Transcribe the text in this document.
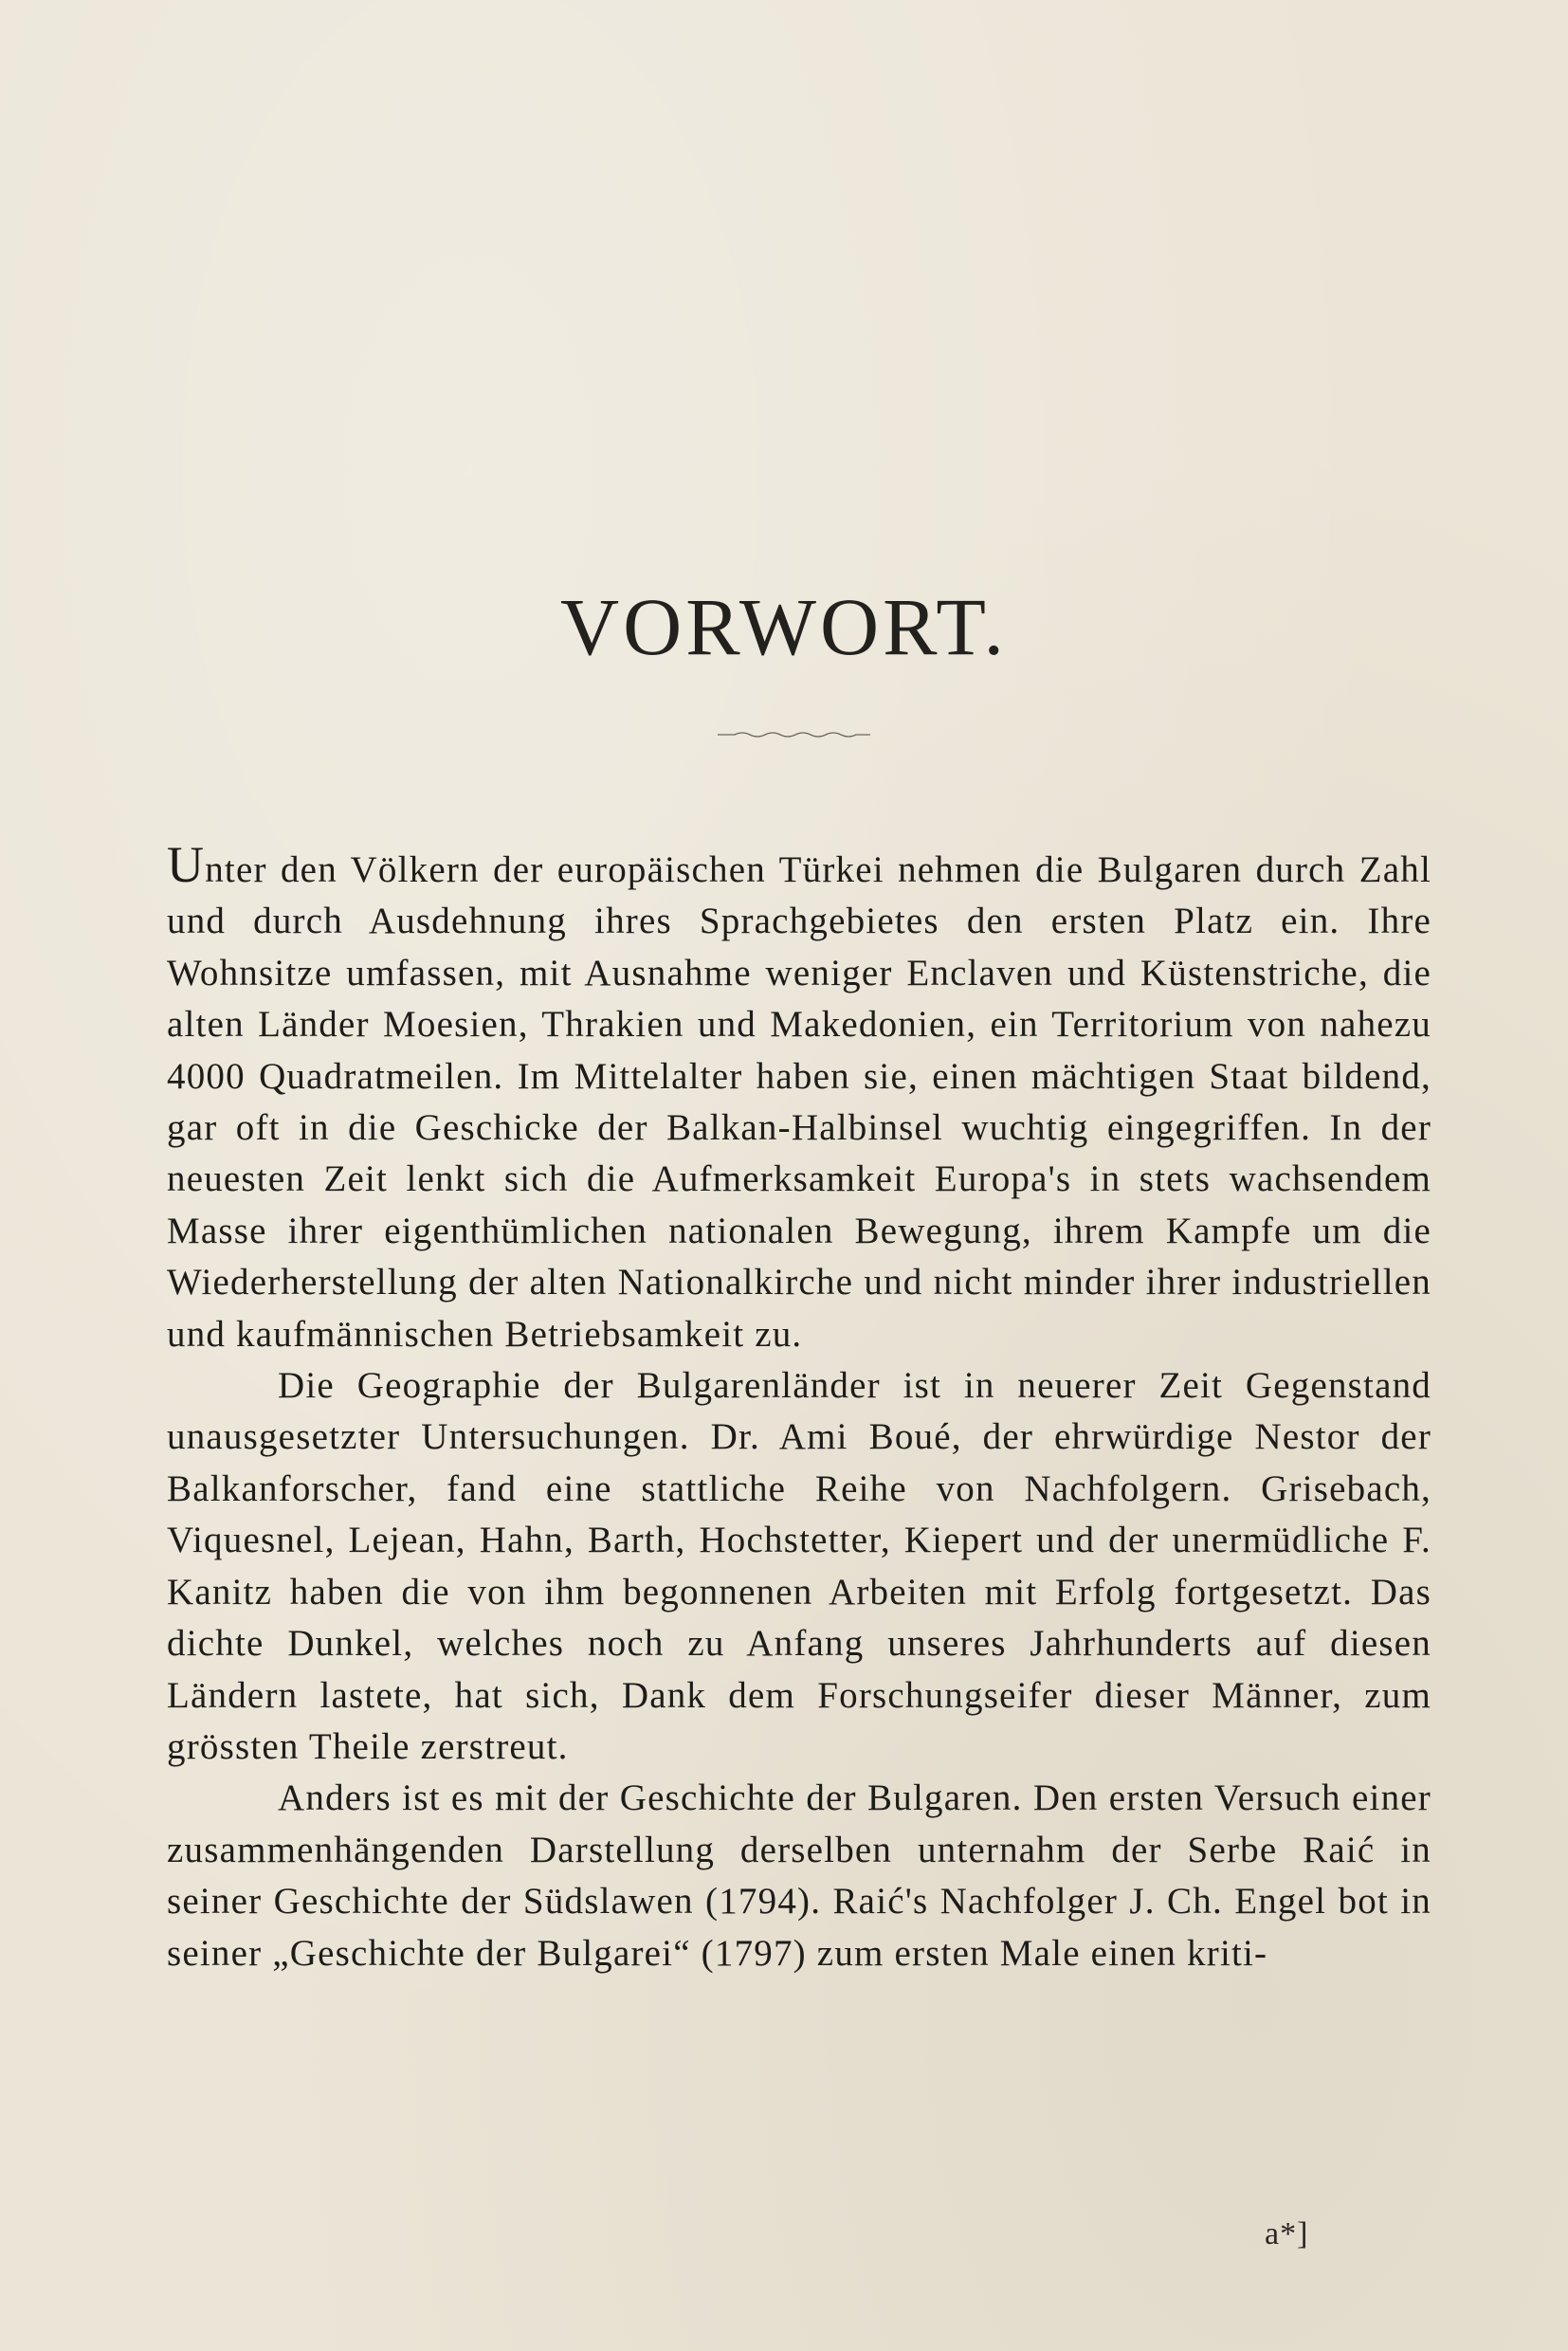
VORWORT.

Unter den Völkern der europäischen Türkei nehmen die Bulgaren durch Zahl und durch Ausdehnung ihres Sprachgebietes den ersten Platz ein. Ihre Wohnsitze umfassen, mit Ausnahme weniger Enclaven und Küstenstriche, die alten Länder Moesien, Thrakien und Makedonien, ein Territorium von nahezu 4000 Quadratmeilen. Im Mittelalter haben sie, einen mächtigen Staat bildend, gar oft in die Geschicke der Balkan-Halbinsel wuchtig eingegriffen. In der neuesten Zeit lenkt sich die Aufmerksamkeit Europa's in stets wachsendem Masse ihrer eigenthümlichen nationalen Bewegung, ihrem Kampfe um die Wiederherstellung der alten Nationalkirche und nicht minder ihrer industriellen und kaufmännischen Betriebsamkeit zu.

Die Geographie der Bulgarenländer ist in neuerer Zeit Gegenstand unausgesetzter Untersuchungen. Dr. Ami Boué, der ehrwürdige Nestor der Balkanforscher, fand eine stattliche Reihe von Nachfolgern. Grisebach, Viquesnel, Lejean, Hahn, Barth, Hochstetter, Kiepert und der unermüdliche F. Kanitz haben die von ihm begonnenen Arbeiten mit Erfolg fortgesetzt. Das dichte Dunkel, welches noch zu Anfang unseres Jahrhunderts auf diesen Ländern lastete, hat sich, Dank dem Forschungseifer dieser Männer, zum grössten Theile zerstreut.

Anders ist es mit der Geschichte der Bulgaren. Den ersten Versuch einer zusammenhängenden Darstellung derselben unternahm der Serbe Raić in seiner Geschichte der Südslawen (1794). Raić's Nachfolger J. Ch. Engel bot in seiner „Geschichte der Bulgarei“ (1797) zum ersten Male einen kriti-

a*]
